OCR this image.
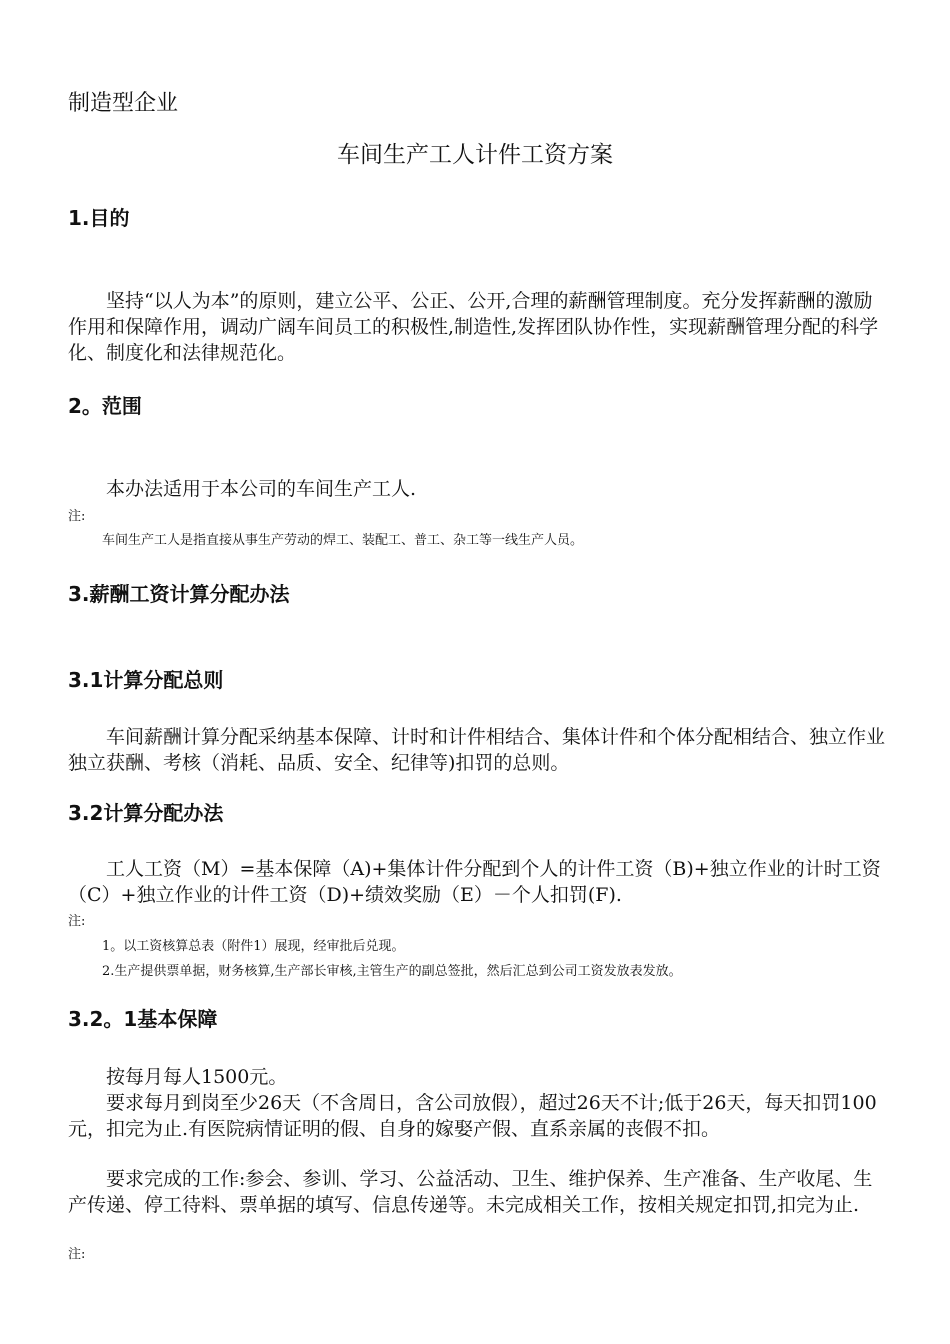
制造型企业
车间生产工人计件工资方案
1.目的
坚持“以人为本”的原则，建立公平、公正、公开,合理的薪酬管理制度。充分发挥薪酬的激励作用和保障作用，调动广阔车间员工的积极性,制造性,发挥团队协作性，实现薪酬管理分配的科学化、制度化和法律规范化。
2。范围
本办法适用于本公司的车间生产工人.
注:
车间生产工人是指直接从事生产劳动的焊工、装配工、普工、杂工等一线生产人员。
3.薪酬工资计算分配办法
3.1计算分配总则
车间薪酬计算分配采纳基本保障、计时和计件相结合、集体计件和个体分配相结合、独立作业独立获酬、考核（消耗、品质、安全、纪律等)扣罚的总则。
3.2计算分配办法
工人工资（M）=基本保障（A)+集体计件分配到个人的计件工资（B)+独立作业的计时工资（C）+独立作业的计件工资（D)+绩效奖励（E）－个人扣罚(F).
注:
1。以工资核算总表（附件1）展现，经审批后兑现。
2.生产提供票单据，财务核算,生产部长审核,主管生产的副总签批，然后汇总到公司工资发放表发放。
3.2。1基本保障
按每月每人1500元。
要求每月到岗至少26天（不含周日，含公司放假），超过26天不计;低于26天，每天扣罚100元，扣完为止.有医院病情证明的假、自身的嫁娶产假、直系亲属的丧假不扣。
要求完成的工作:参会、参训、学习、公益活动、卫生、维护保养、生产准备、生产收尾、生产传递、停工待料、票单据的填写、信息传递等。未完成相关工作，按相关规定扣罚,扣完为止.
注:
